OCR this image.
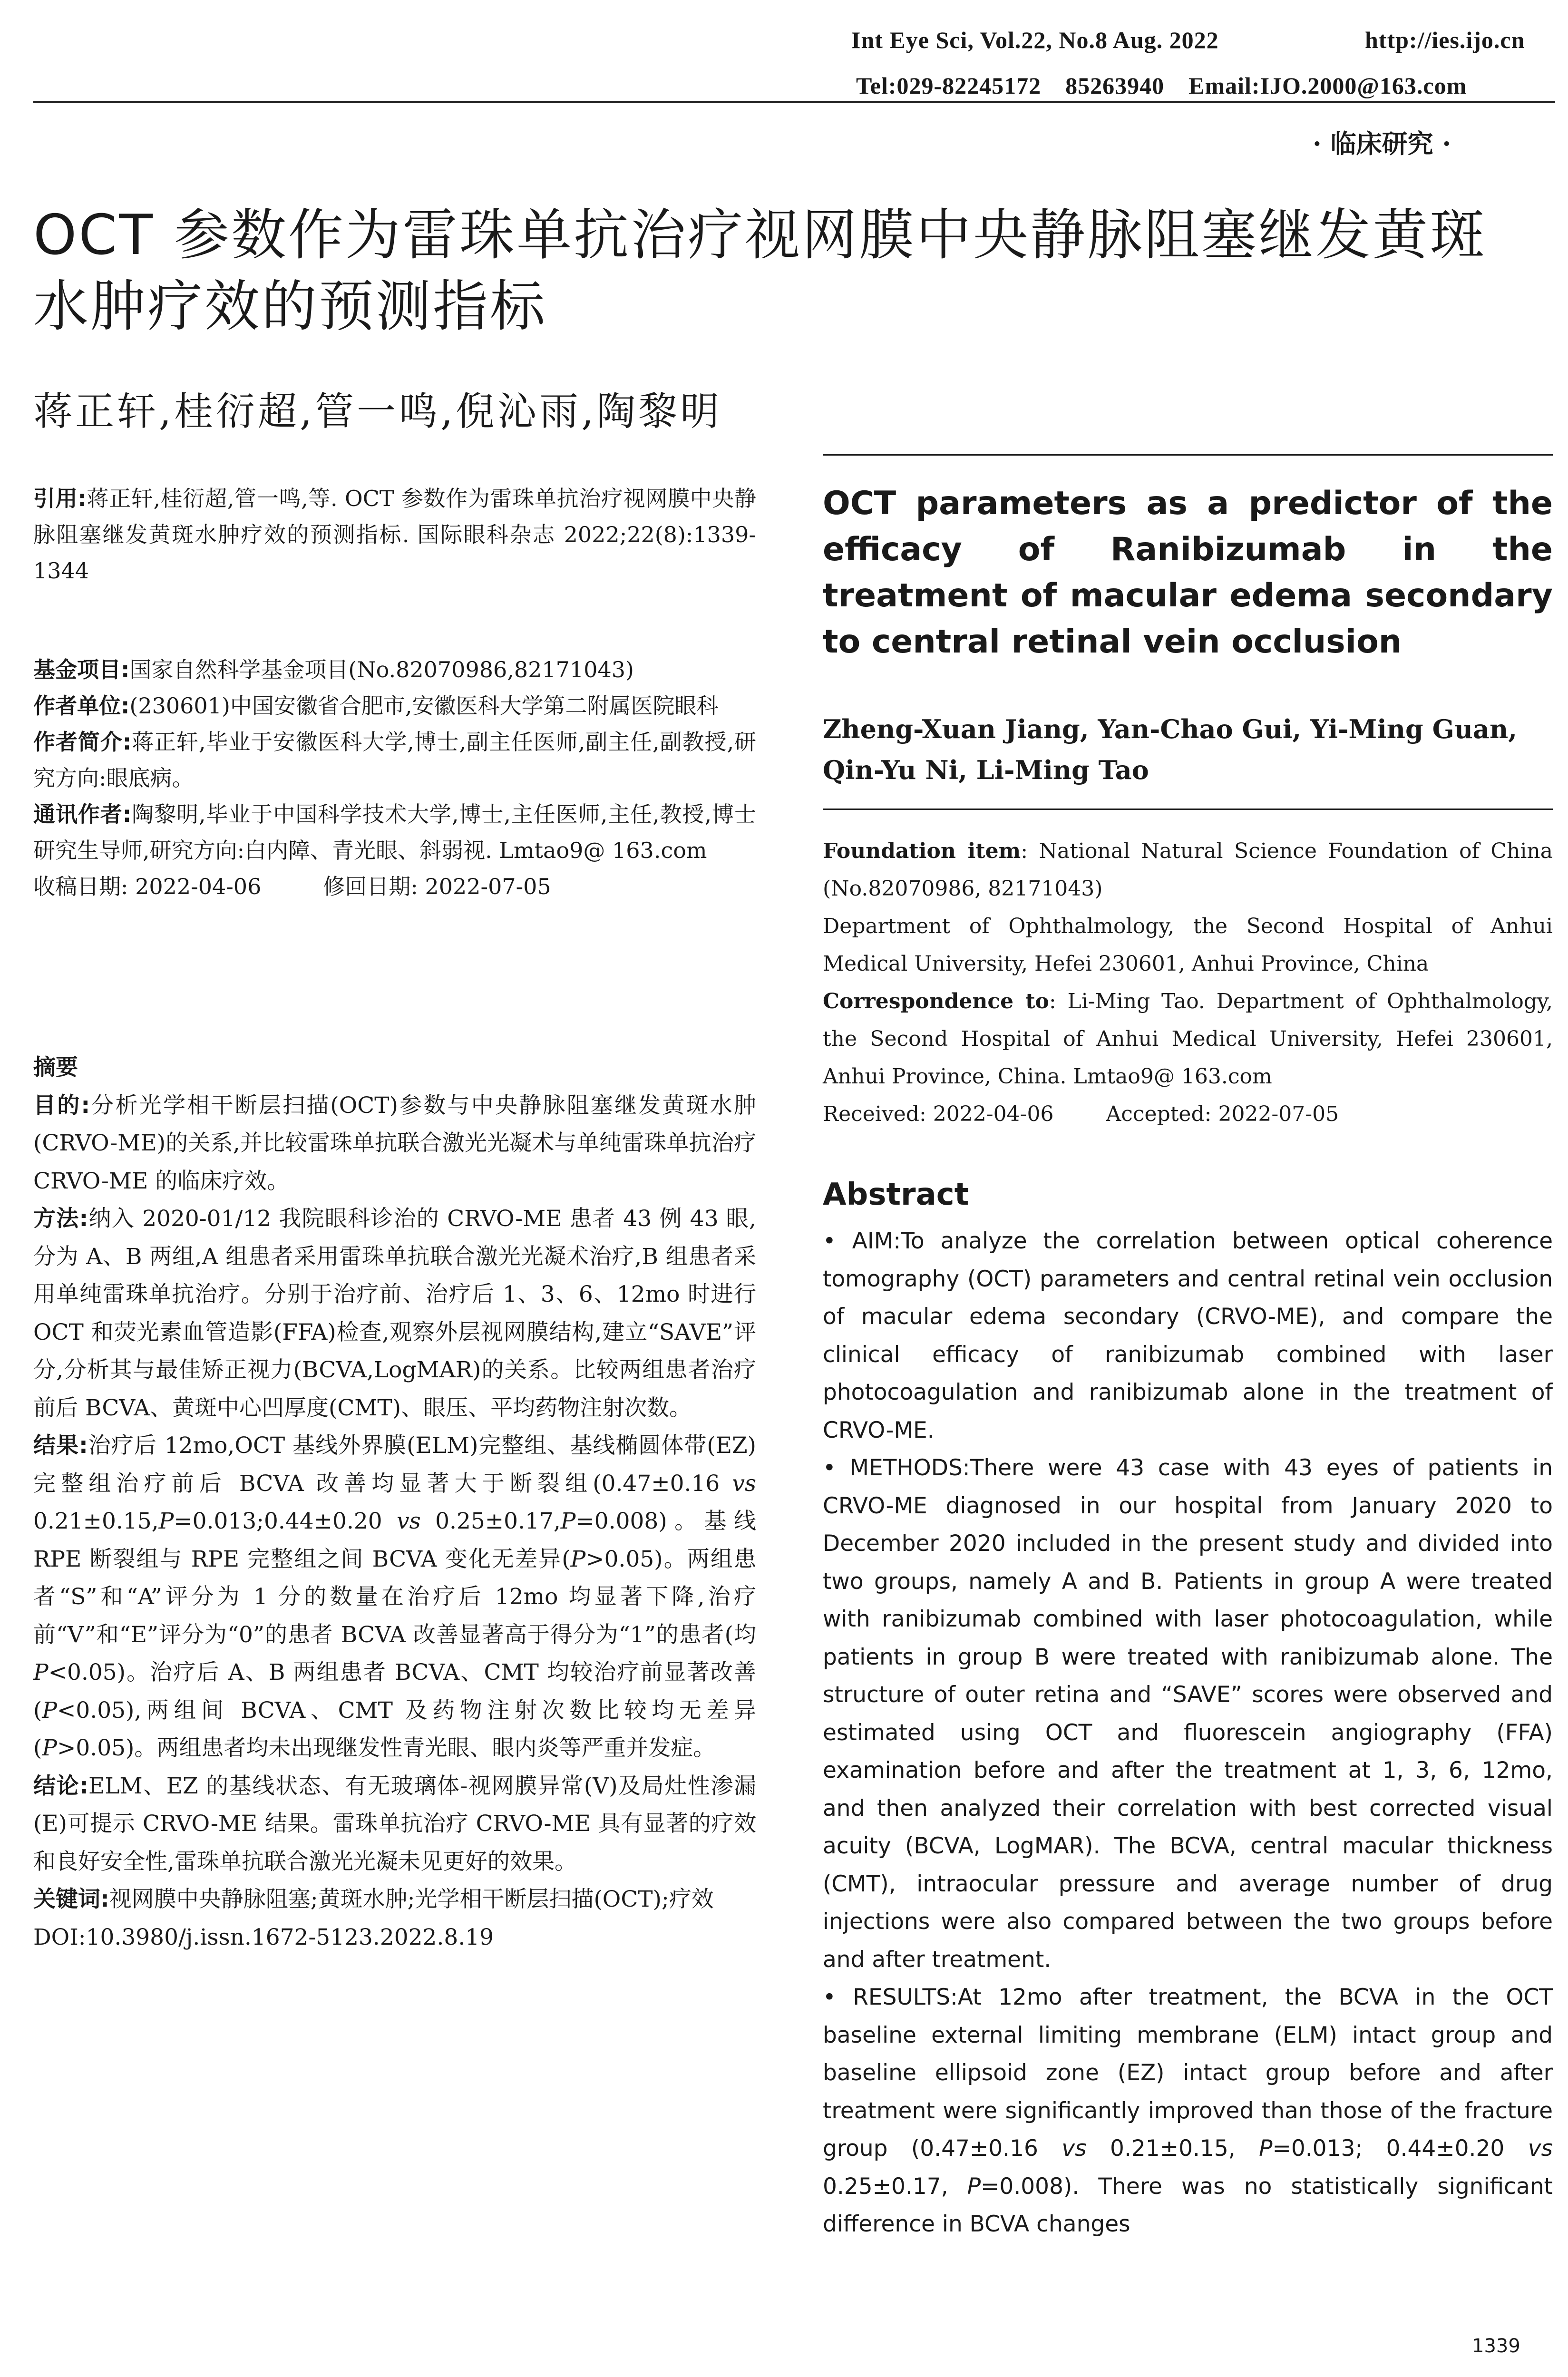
Int Eye Sci, Vol.22, No.8 Aug. 2022	http://ies.ijo.cn
Tel:029-82245172　85263940　Email:IJO.2000@163.com
· 临床研究 ·
OCT 参数作为雷珠单抗治疗视网膜中央静脉阻塞继发黄斑水肿疗效的预测指标
蒋正轩,桂衍超,管一鸣,倪沁雨,陶黎明

引用:蒋正轩,桂衍超,管一鸣,等. OCT 参数作为雷珠单抗治疗视网膜中央静脉阻塞继发黄斑水肿疗效的预测指标. 国际眼科杂志 2022;22(8):1339-1344

基金项目:国家自然科学基金项目(No.82070986,82171043)

作者单位:(230601)中国安徽省合肥市,安徽医科大学第二附属医院眼科

作者简介:蒋正轩,毕业于安徽医科大学,博士,副主任医师,副主任,副教授,研究方向:眼底病。

通讯作者:陶黎明,毕业于中国科学技术大学,博士,主任医师,主任,教授,博士研究生导师,研究方向:白内障、青光眼、斜弱视. Lmtao9@ 163.com

收稿日期: 2022-04-06	修回日期: 2022-07-05

摘要

目的:分析光学相干断层扫描(OCT)参数与中央静脉阻塞继发黄斑水肿(CRVO-ME)的关系,并比较雷珠单抗联合激光光凝术与单纯雷珠单抗治疗 CRVO-ME 的临床疗效。

方法:纳入 2020-01/12 我院眼科诊治的 CRVO-ME 患者 43 例 43 眼,分为 A、B 两组,A 组患者采用雷珠单抗联合激光光凝术治疗,B 组患者采用单纯雷珠单抗治疗。分别于治疗前、治疗后 1、3、6、12mo 时进行 OCT 和荧光素血管造影(FFA)检查,观察外层视网膜结构,建立“SAVE”评分,分析其与最佳矫正视力(BCVA,LogMAR)的关系。比较两组患者治疗前后 BCVA、黄斑中心凹厚度(CMT)、眼压、平均药物注射次数。

结果:治疗后 12mo,OCT 基线外界膜(ELM)完整组、基线椭圆体带(EZ)完整组治疗前后 BCVA 改善均显著大于断裂组(0.47±0.16 vs 0.21±0.15,P=0.013;0.44±0.20 vs 0.25±0.17,P=0.008)。基线 RPE 断裂组与 RPE 完整组之间 BCVA 变化无差异(P>0.05)。两组患者“S”和“A”评分为 1 分的数量在治疗后 12mo 均显著下降,治疗前“V”和“E”评分为“0”的患者 BCVA 改善显著高于得分为“1”的患者(均 P<0.05)。治疗后 A、B 两组患者 BCVA、CMT 均较治疗前显著改善(P<0.05),两组间 BCVA、CMT 及药物注射次数比较均无差异(P>0.05)。两组患者均未出现继发性青光眼、眼内炎等严重并发症。

结论:ELM、EZ 的基线状态、有无玻璃体-视网膜异常(V)及局灶性渗漏(E)可提示 CRVO-ME 结果。雷珠单抗治疗 CRVO-ME 具有显著的疗效和良好安全性,雷珠单抗联合激光光凝未见更好的效果。

关键词:视网膜中央静脉阻塞;黄斑水肿;光学相干断层扫描(OCT);疗效

DOI:10.3980/j.issn.1672-5123.2022.8.19

OCT parameters as a predictor of the efficacy of Ranibizumab in the treatment of macular edema secondary to central retinal vein occlusion
Zheng-Xuan Jiang, Yan-Chao Gui, Yi-Ming Guan, Qin-Yu Ni, Li-Ming Tao

Foundation item: National Natural Science Foundation of China (No.82070986, 82171043)

Department of Ophthalmology, the Second Hospital of Anhui Medical University, Hefei 230601, Anhui Province, China

Correspondence to: Li-Ming Tao. Department of Ophthalmology, the Second Hospital of Anhui Medical University, Hefei 230601, Anhui Province, China. Lmtao9@ 163.com

Received: 2022-04-06	Accepted: 2022-07-05

Abstract

• AIM:To analyze the correlation between optical coherence tomography (OCT) parameters and central retinal vein occlusion of macular edema secondary (CRVO-ME), and compare the clinical efficacy of ranibizumab combined with laser photocoagulation and ranibizumab alone in the treatment of CRVO-ME.

• METHODS:There were 43 case with 43 eyes of patients in CRVO-ME diagnosed in our hospital from January 2020 to December 2020 included in the present study and divided into two groups, namely A and B. Patients in group A were treated with ranibizumab combined with laser photocoagulation, while patients in group B were treated with ranibizumab alone. The structure of outer retina and “SAVE” scores were observed and estimated using OCT and fluorescein angiography (FFA) examination before and after the treatment at 1, 3, 6, 12mo, and then analyzed their correlation with best corrected visual acuity (BCVA, LogMAR). The BCVA, central macular thickness (CMT), intraocular pressure and average number of drug injections were also compared between the two groups before and after treatment.

• RESULTS:At 12mo after treatment, the BCVA in the OCT baseline external limiting membrane (ELM) intact group and baseline ellipsoid zone (EZ) intact group before and after treatment were significantly improved than those of the fracture group (0.47±0.16 vs 0.21±0.15, P=0.013; 0.44±0.20 vs 0.25±0.17, P=0.008). There was no statistically significant difference in BCVA changes

1339
